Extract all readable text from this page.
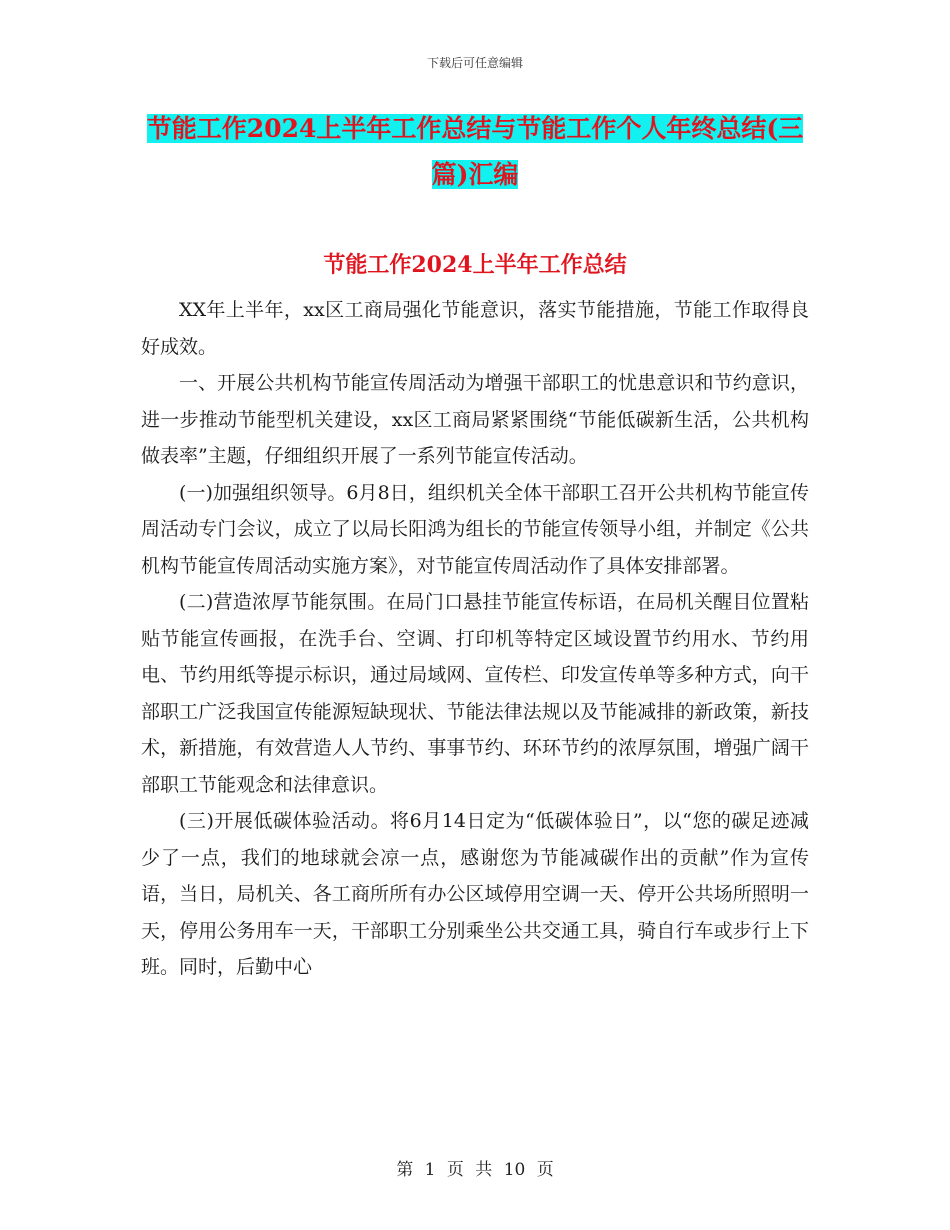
下载后可任意编辑
节能工作2024上半年工作总结与节能工作个人年终总结(三篇)汇编
节能工作2024上半年工作总结

XX年上半年，xx区工商局强化节能意识，落实节能措施，节能工作取得良好成效。

一、开展公共机构节能宣传周活动为增强干部职工的忧患意识和节约意识，进一步推动节能型机关建设，xx区工商局紧紧围绕“节能低碳新生活，公共机构做表率”主题，仔细组织开展了一系列节能宣传活动。

(一)加强组织领导。6月8日，组织机关全体干部职工召开公共机构节能宣传周活动专门会议，成立了以局长阳鸿为组长的节能宣传领导小组，并制定《公共机构节能宣传周活动实施方案》，对节能宣传周活动作了具体安排部署。

(二)营造浓厚节能氛围。在局门口悬挂节能宣传标语，在局机关醒目位置粘贴节能宣传画报，在洗手台、空调、打印机等特定区域设置节约用水、节约用电、节约用纸等提示标识，通过局域网、宣传栏、印发宣传单等多种方式，向干部职工广泛我国宣传能源短缺现状、节能法律法规以及节能减排的新政策，新技术，新措施，有效营造人人节约、事事节约、环环节约的浓厚氛围，增强广阔干部职工节能观念和法律意识。

(三)开展低碳体验活动。将6月14日定为“低碳体验日”，以“您的碳足迹减少了一点，我们的地球就会凉一点，感谢您为节能减碳作出的贡献”作为宣传语，当日，局机关、各工商所所有办公区域停用空调一天、停开公共场所照明一天，停用公务用车一天，干部职工分别乘坐公共交通工具，骑自行车或步行上下班。同时，后勤中心

第 1 页 共 10 页
